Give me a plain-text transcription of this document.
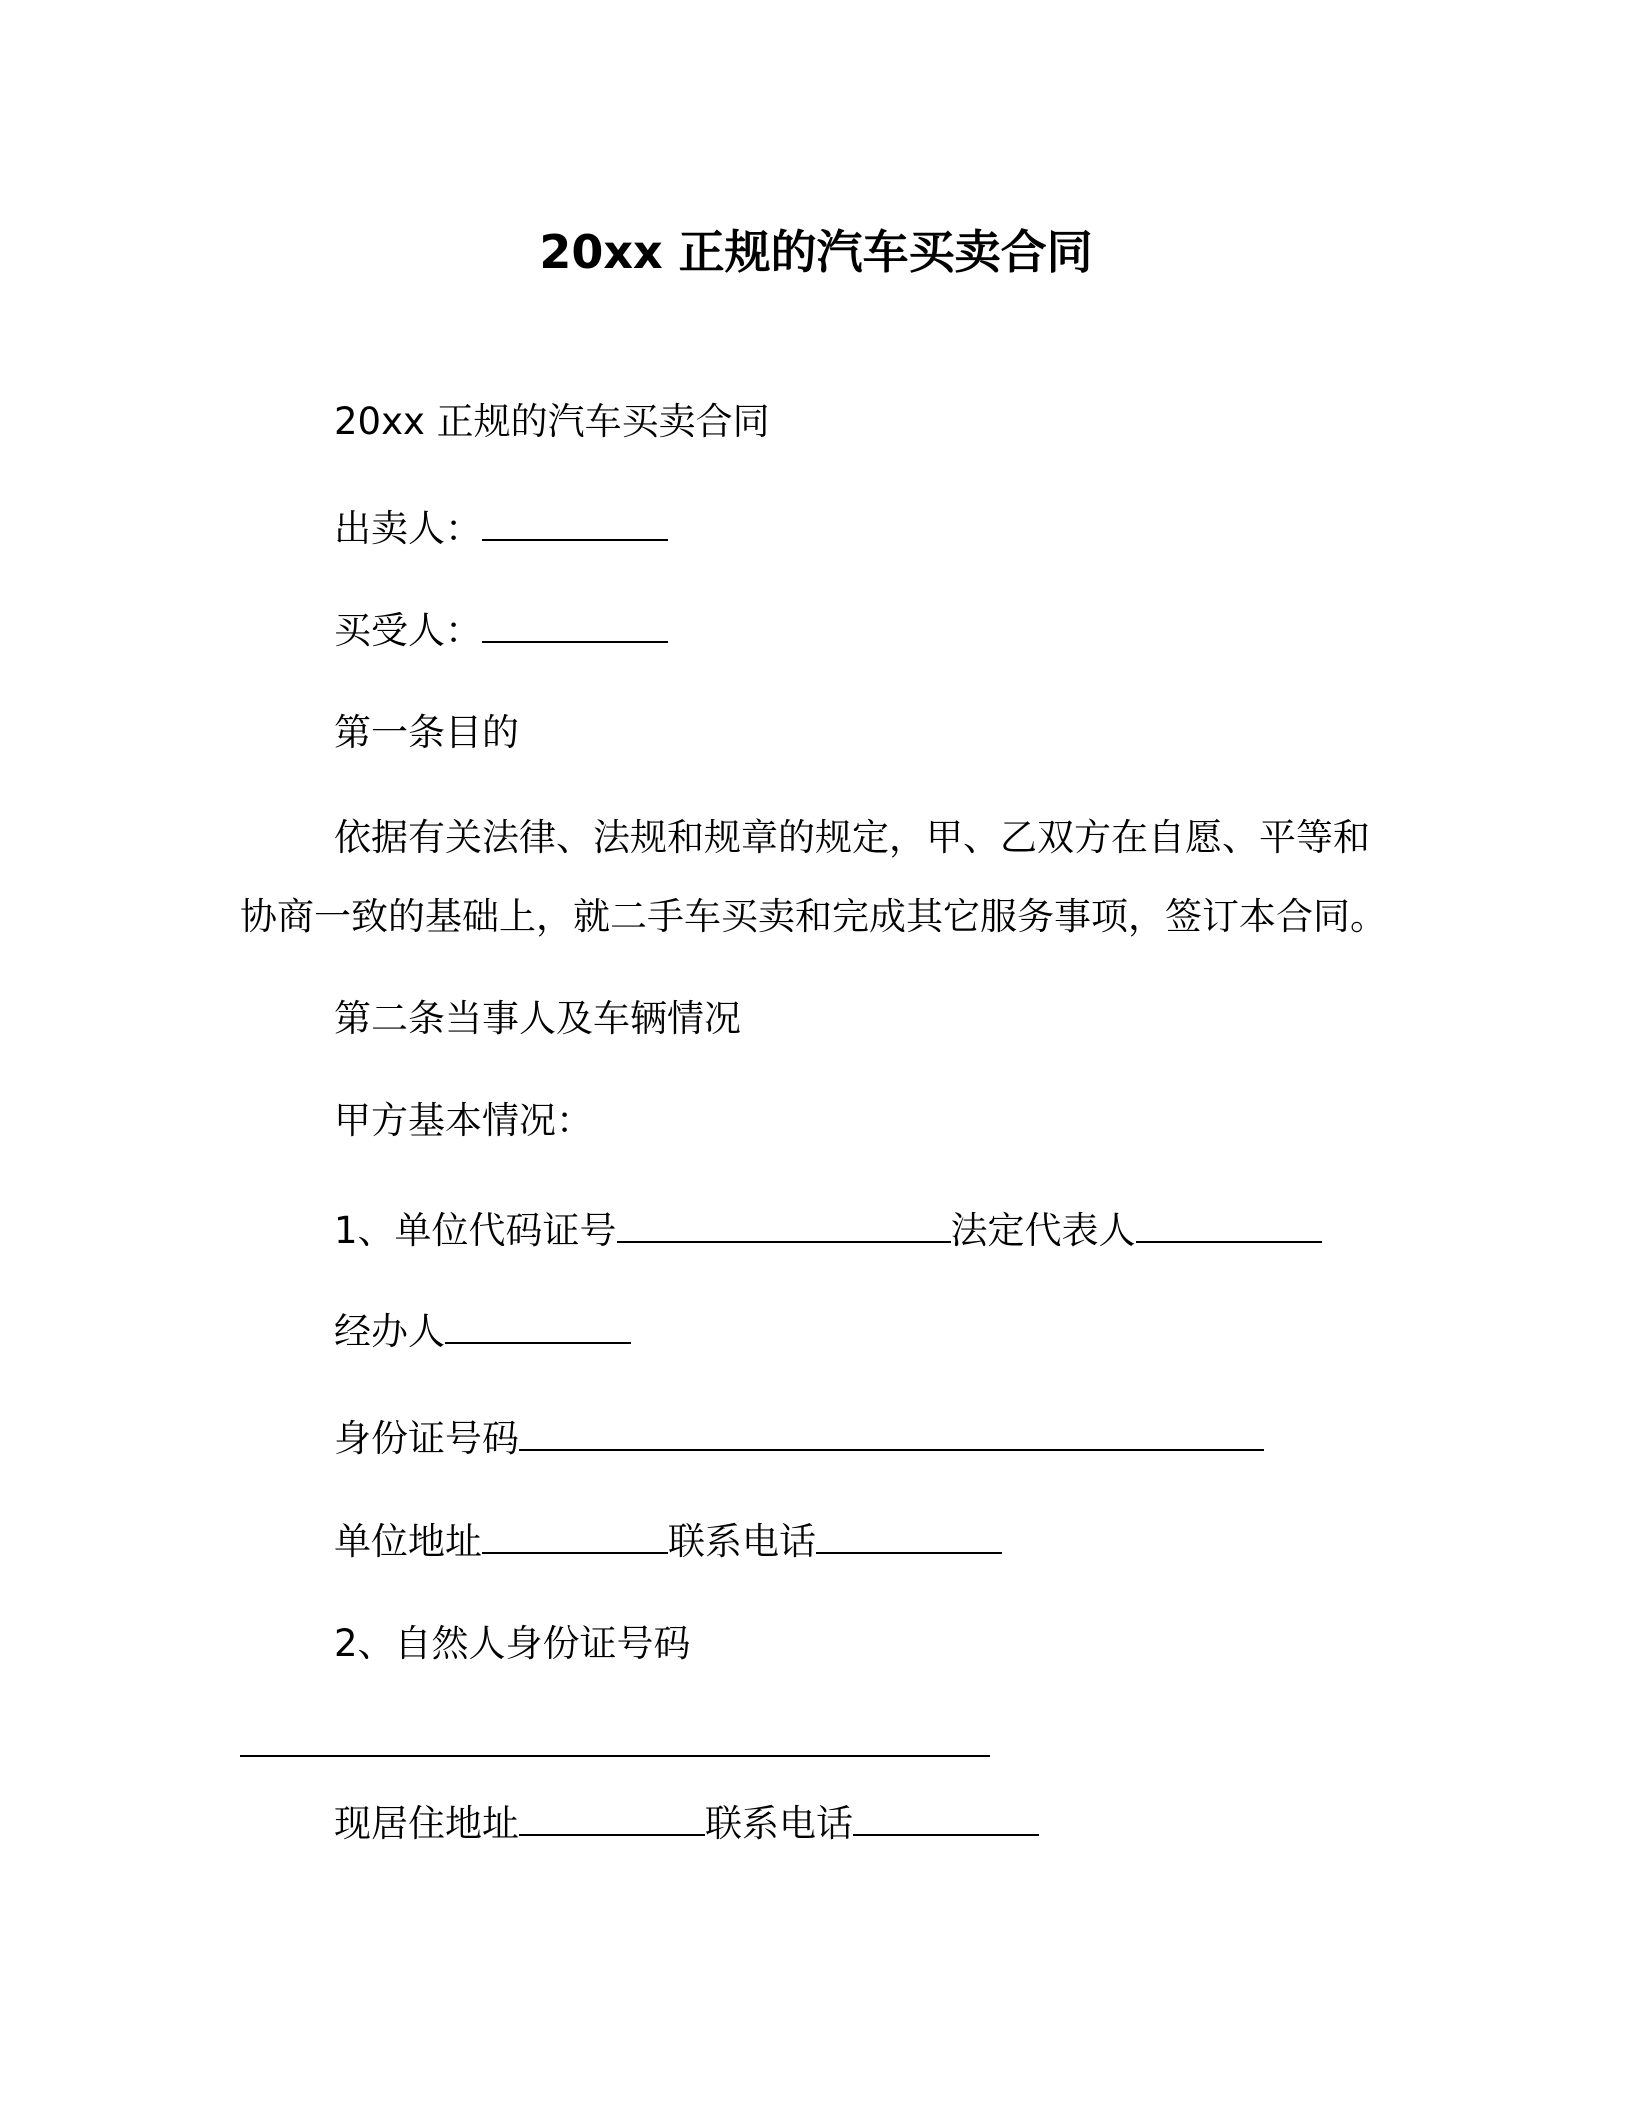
20xx 正规的汽车买卖合同
20xx 正规的汽车买卖合同
出卖人：
买受人：
第一条目的
依据有关法律、法规和规章的规定，甲、乙双方在自愿、平等和
协商一致的基础上，就二手车买卖和完成其它服务事项，签订本合同。
第二条当事人及车辆情况
甲方基本情况：
1、单位代码证号	法定代表人
经办人
身份证号码
单位地址	联系电话
2、自然人身份证号码
现居住地址	联系电话
